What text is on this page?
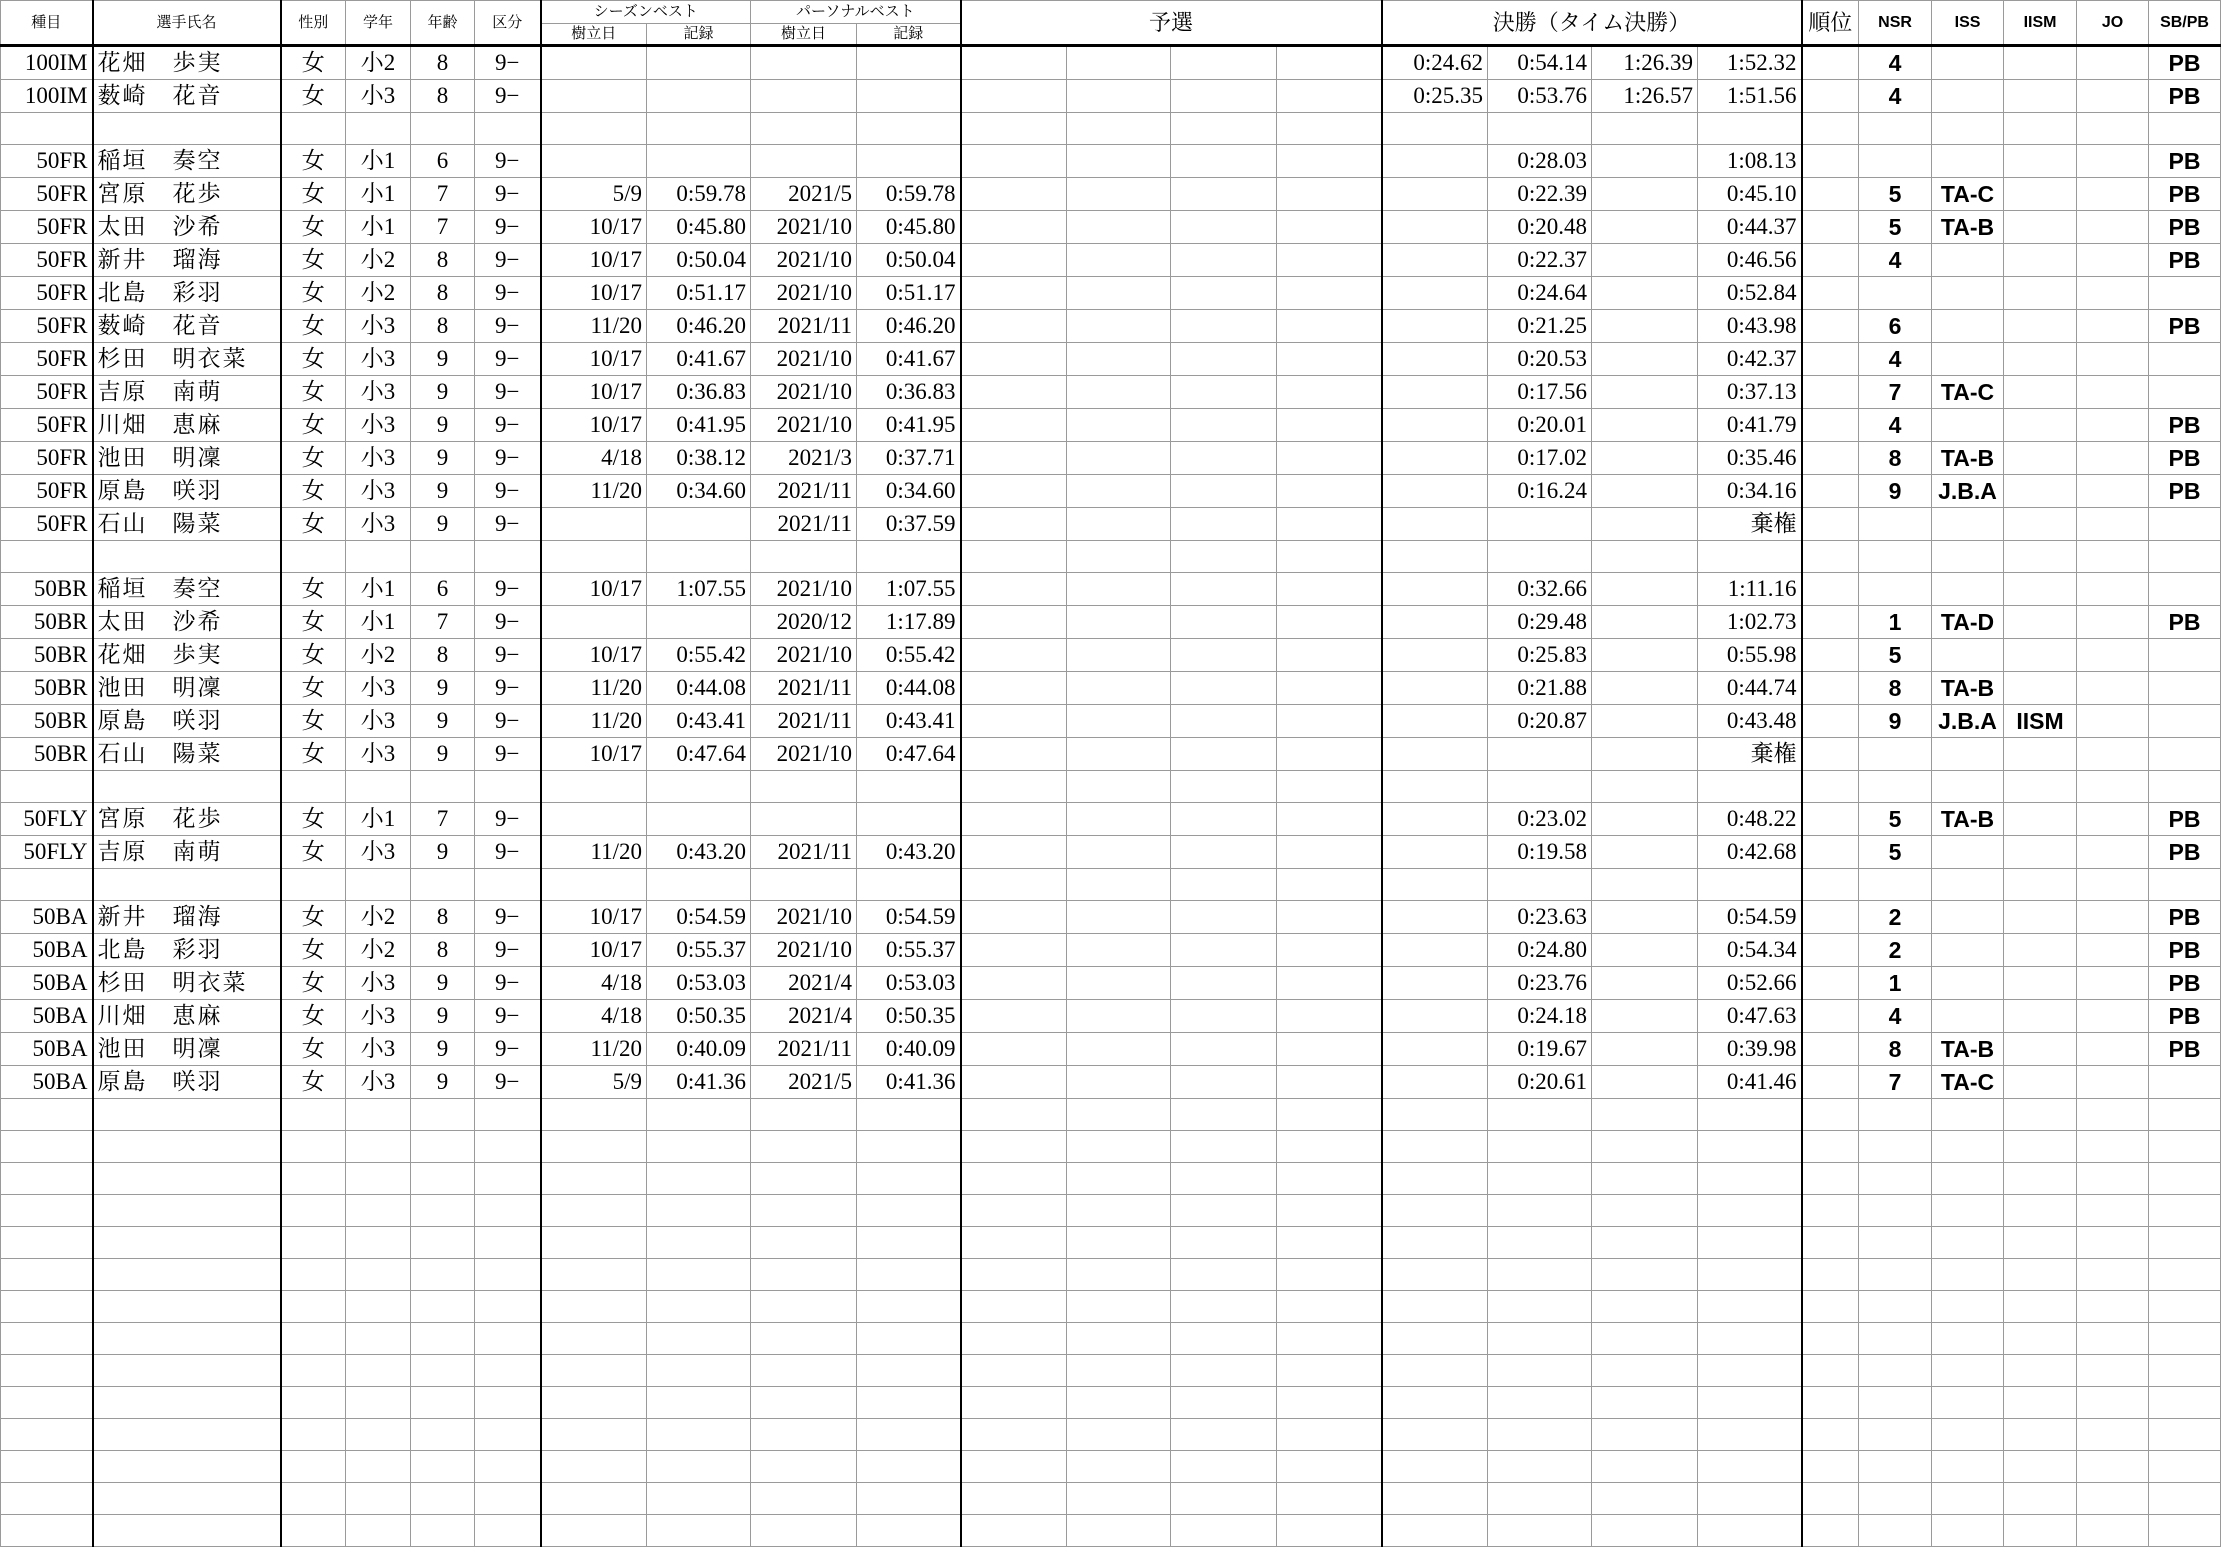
種目	選手氏名	性別	学年	年齢	区分	シーズンベスト		パーソナルベスト		予選				決勝（タイム決勝）				順位	NSR	ISS	IISM	JO	SB/PB
						樹立日	記録	樹立日	記録														
100IM	花畑　歩実	女	小2	8	9−									0:24.62	0:54.14	1:26.39	1:52.32		4				PB
100IM	薮崎　花音	女	小3	8	9−									0:25.35	0:53.76	1:26.57	1:51.56		4				PB

50FR	稲垣　奏空	女	小1	6	9−										0:28.03		1:08.13						PB
50FR	宮原　花歩	女	小1	7	9−	5/9	0:59.78	2021/5	0:59.78						0:22.39		0:45.10		5	TA-C			PB
50FR	太田　沙希	女	小1	7	9−	10/17	0:45.80	2021/10	0:45.80						0:20.48		0:44.37		5	TA-B			PB
50FR	新井　瑠海	女	小2	8	9−	10/17	0:50.04	2021/10	0:50.04						0:22.37		0:46.56		4				PB
50FR	北島　彩羽	女	小2	8	9−	10/17	0:51.17	2021/10	0:51.17						0:24.64		0:52.84						
50FR	薮崎　花音	女	小3	8	9−	11/20	0:46.20	2021/11	0:46.20						0:21.25		0:43.98		6				PB
50FR	杉田　明衣菜	女	小3	9	9−	10/17	0:41.67	2021/10	0:41.67						0:20.53		0:42.37		4				
50FR	吉原　南萌	女	小3	9	9−	10/17	0:36.83	2021/10	0:36.83						0:17.56		0:37.13		7	TA-C			
50FR	川畑　恵麻	女	小3	9	9−	10/17	0:41.95	2021/10	0:41.95						0:20.01		0:41.79		4				PB
50FR	池田　明凜	女	小3	9	9−	4/18	0:38.12	2021/3	0:37.71						0:17.02		0:35.46		8	TA-B			PB
50FR	原島　咲羽	女	小3	9	9−	11/20	0:34.60	2021/11	0:34.60						0:16.24		0:34.16		9	J.B.A			PB
50FR	石山　陽菜	女	小3	9	9−			2021/11	0:37.59								棄権						

50BR	稲垣　奏空	女	小1	6	9−	10/17	1:07.55	2021/10	1:07.55						0:32.66		1:11.16						
50BR	太田　沙希	女	小1	7	9−			2020/12	1:17.89						0:29.48		1:02.73		1	TA-D			PB
50BR	花畑　歩実	女	小2	8	9−	10/17	0:55.42	2021/10	0:55.42						0:25.83		0:55.98		5				
50BR	池田　明凜	女	小3	9	9−	11/20	0:44.08	2021/11	0:44.08						0:21.88		0:44.74		8	TA-B			
50BR	原島　咲羽	女	小3	9	9−	11/20	0:43.41	2021/11	0:43.41						0:20.87		0:43.48		9	J.B.A	IISM		
50BR	石山　陽菜	女	小3	9	9−	10/17	0:47.64	2021/10	0:47.64								棄権						

50FLY	宮原　花歩	女	小1	7	9−										0:23.02		0:48.22		5	TA-B			PB
50FLY	吉原　南萌	女	小3	9	9−	11/20	0:43.20	2021/11	0:43.20						0:19.58		0:42.68		5				PB

50BA	新井　瑠海	女	小2	8	9−	10/17	0:54.59	2021/10	0:54.59						0:23.63		0:54.59		2				PB
50BA	北島　彩羽	女	小2	8	9−	10/17	0:55.37	2021/10	0:55.37						0:24.80		0:54.34		2				PB
50BA	杉田　明衣菜	女	小3	9	9−	4/18	0:53.03	2021/4	0:53.03						0:23.76		0:52.66		1				PB
50BA	川畑　恵麻	女	小3	9	9−	4/18	0:50.35	2021/4	0:50.35						0:24.18		0:47.63		4				PB
50BA	池田　明凜	女	小3	9	9−	11/20	0:40.09	2021/11	0:40.09						0:19.67		0:39.98		8	TA-B			PB
50BA	原島　咲羽	女	小3	9	9−	5/9	0:41.36	2021/5	0:41.36						0:20.61		0:41.46		7	TA-C			
